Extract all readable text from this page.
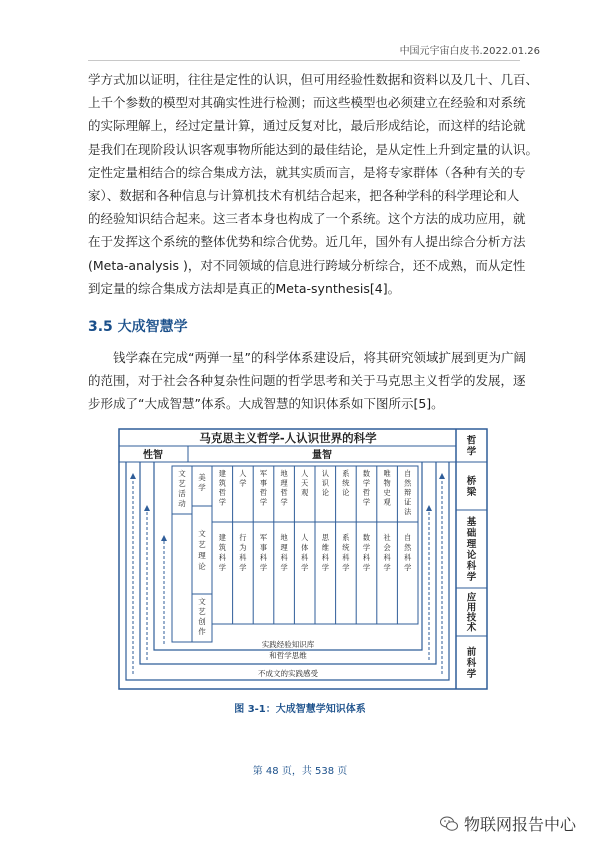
中国元宇宙白皮书.2022.01.26
学方式加以证明，往往是定性的认识，但可用经验性数据和资料以及几十、几百、
上千个参数的模型对其确实性进行检测；而这些模型也必须建立在经验和对系统
的实际理解上，经过定量计算，通过反复对比，最后形成结论，而这样的结论就
是我们在现阶段认识客观事物所能达到的最佳结论，是从定性上升到定量的认识。
定性定量相结合的综合集成方法，就其实质而言，是将专家群体（各种有关的专
家）、数据和各种信息与计算机技术有机结合起来，把各种学科的科学理论和人
的经验知识结合起来。这三者本身也构成了一个系统。这个方法的成功应用，就
在于发挥这个系统的整体优势和综合优势。近几年，国外有人提出综合分析方法
(Meta-analysis )，对不同领域的信息进行跨域分析综合，还不成熟，而从定性
到定量的综合集成方法却是真正的Meta-synthesis[4]。
3.5 大成智慧学
钱学森在完成“两弹一星”的科学体系建设后，将其研究领域扩展到更为广阔的范围，对于社会各种复杂性问题的哲学思考和关于马克思主义哲学的发展，逐步形成了“大成智慧”体系。大成智慧的知识体系如下图所示[5]。
马克思主义哲学-人认识世界的科学
性智	量智
文
艺
活
动
美
学
文
艺
理
论
文
艺
创
作
建
筑
哲
学
建
筑
科
学
人
学
行
为
科
学
军
事
哲
学
军
事
科
学
地
理
哲
学
地
理
科
学
人
天
观
人
体
科
学
认
识
论
思
维
科
学
系
统
论
系
统
科
学
数
学
哲
学
数
学
科
学
唯
物
史
观
社
会
科
学
自
然
辩
证
法
自
然
科
学
实践经验知识库
和哲学思维
不成文的实践感受
哲
学
桥
梁
基
础
理
论
科
学
应
用
技
术
前
科
学
图 3-1：大成智慧学知识体系
第 48 页，共 538 页
物联网报告中心
